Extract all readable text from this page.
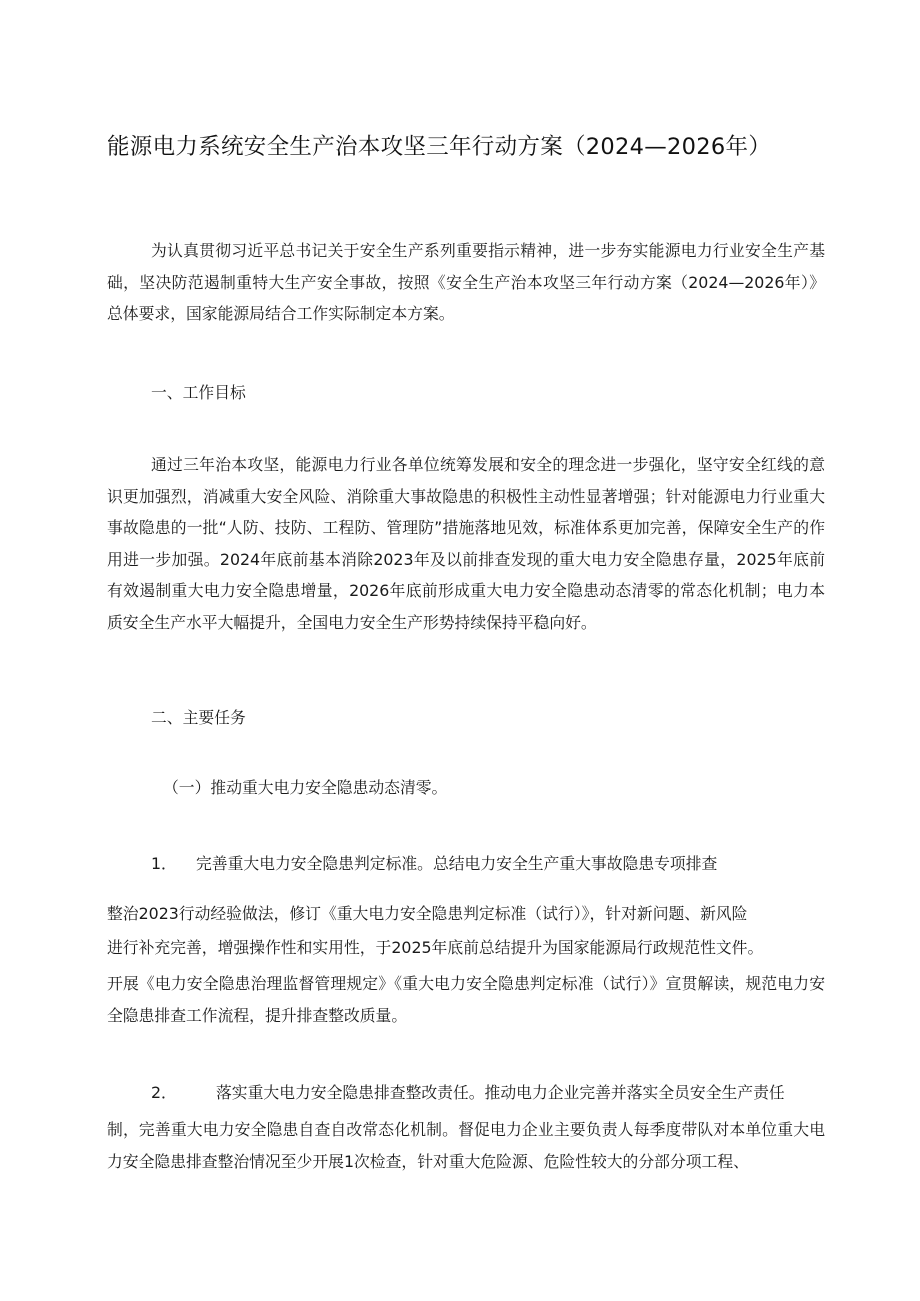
能源电力系统安全生产治本攻坚三年行动方案（2024—2026年）

为认真贯彻习近平总书记关于安全生产系列重要指示精神，进一步夯实能源电力行业安全生产基础，坚决防范遏制重特大生产安全事故，按照《安全生产治本攻坚三年行动方案（2024—2026年）》总体要求，国家能源局结合工作实际制定本方案。

一、工作目标

通过三年治本攻坚，能源电力行业各单位统筹发展和安全的理念进一步强化，坚守安全红线的意识更加强烈，消减重大安全风险、消除重大事故隐患的积极性主动性显著增强；针对能源电力行业重大事故隐患的一批“人防、技防、工程防、管理防”措施落地见效，标准体系更加完善，保障安全生产的作用进一步加强。2024年底前基本消除2023年及以前排查发现的重大电力安全隐患存量，2025年底前有效遏制重大电力安全隐患增量，2026年底前形成重大电力安全隐患动态清零的常态化机制；电力本质安全生产水平大幅提升，全国电力安全生产形势持续保持平稳向好。

二、主要任务
（一）推动重大电力安全隐患动态清零。
1． 完善重大电力安全隐患判定标准。总结电力安全生产重大事故隐患专项排查
整治2023行动经验做法，修订《重大电力安全隐患判定标准（试行）》，针对新问题、新风险
进行补充完善，增强操作性和实用性，于2025年底前总结提升为国家能源局行政规范性文件。

开展《电力安全隐患治理监督管理规定》《重大电力安全隐患判定标准（试行）》宣贯解读，规范电力安全隐患排查工作流程，提升排查整改质量。

2． 落实重大电力安全隐患排查整改责任。推动电力企业完善并落实全员安全生产责任

制，完善重大电力安全隐患自查自改常态化机制。督促电力企业主要负责人每季度带队对本单位重大电力安全隐患排查整治情况至少开展1次检查，针对重大危险源、危险性较大的分部分项工程、
